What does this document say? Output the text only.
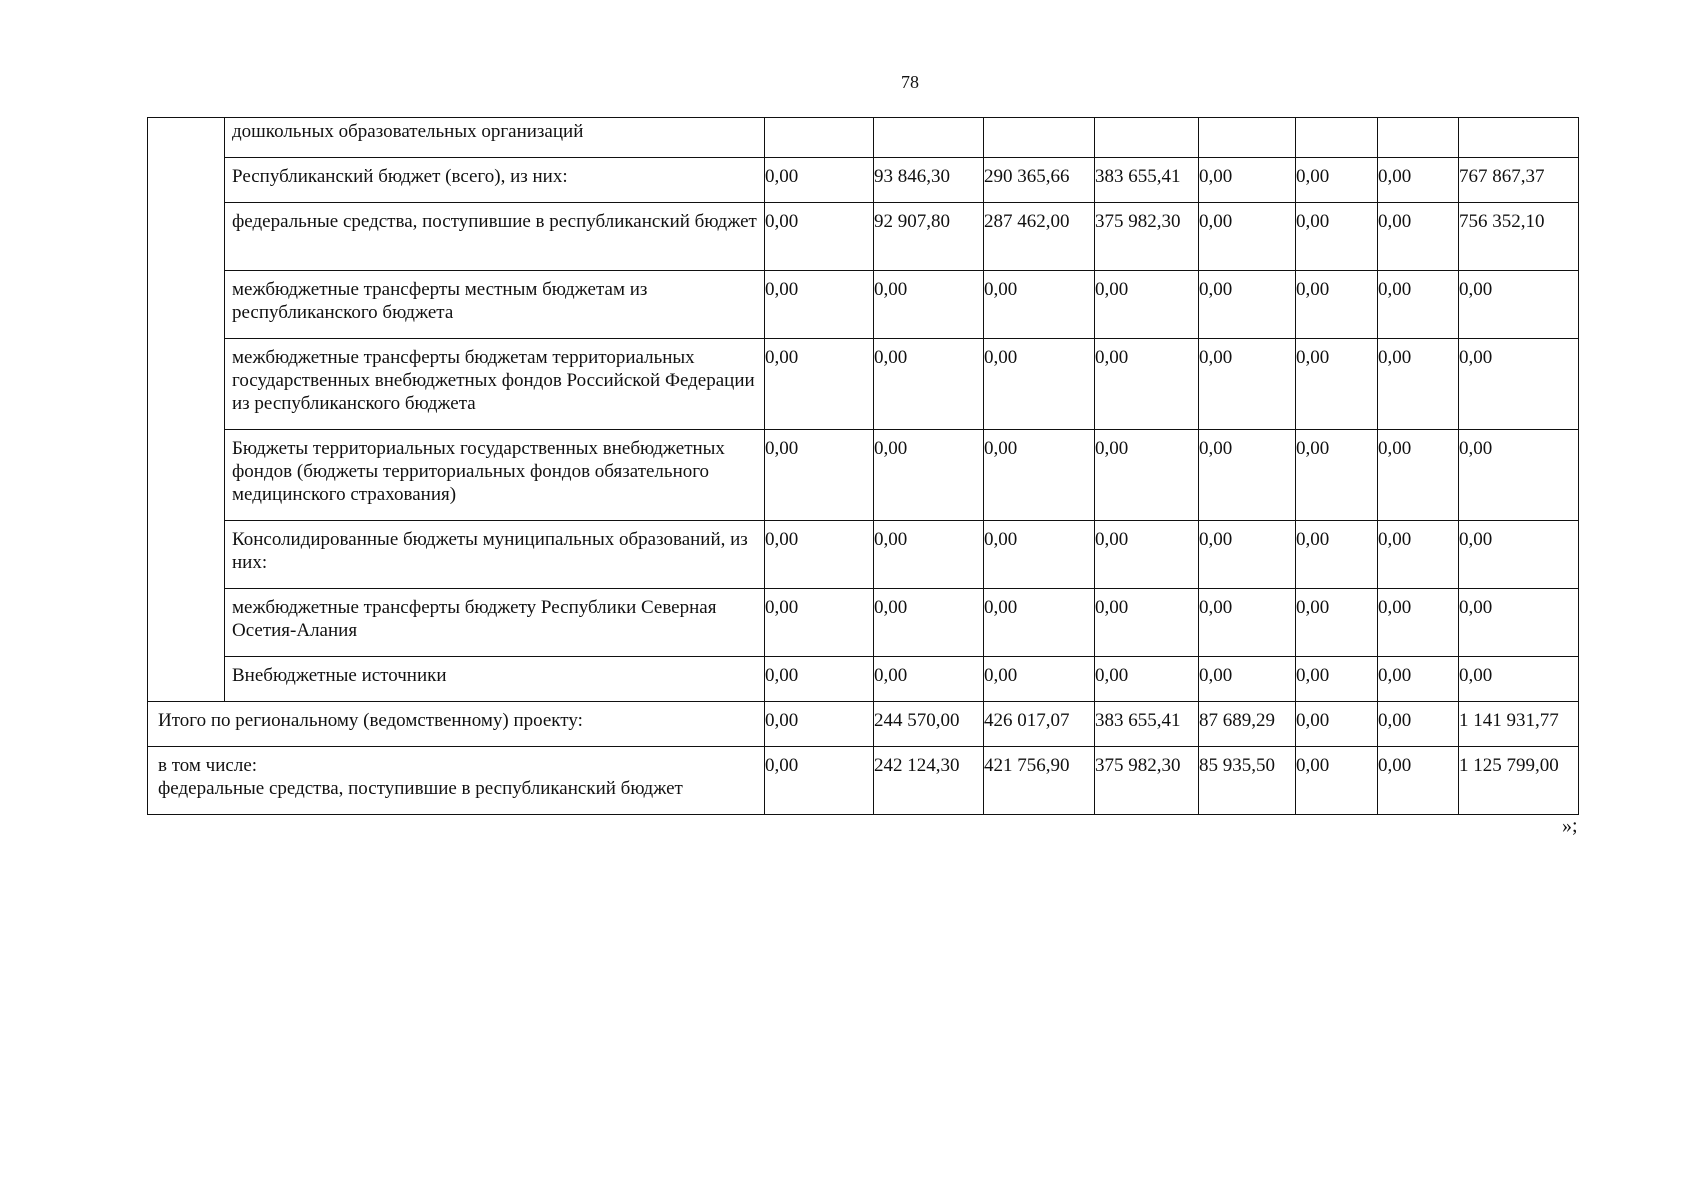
78
	дошкольных образовательных организаций								
	Республиканский бюджет (всего), из них:	0,00	93 846,30	290 365,66	383 655,41	0,00	0,00	0,00	767 867,37
	федеральные средства, поступившие в республиканский бюджет	0,00	92 907,80	287 462,00	375 982,30	0,00	0,00	0,00	756 352,10
	межбюджетные трансферты местным бюджетам из республиканского бюджета	0,00	0,00	0,00	0,00	0,00	0,00	0,00	0,00
	межбюджетные трансферты бюджетам территориальных государственных внебюджетных фондов Российской Федерации из республиканского бюджета	0,00	0,00	0,00	0,00	0,00	0,00	0,00	0,00
	Бюджеты территориальных государственных внебюджетных фондов (бюджеты территориальных фондов обязательного медицинского страхования)	0,00	0,00	0,00	0,00	0,00	0,00	0,00	0,00
	Консолидированные бюджеты муниципальных образований, из них:	0,00	0,00	0,00	0,00	0,00	0,00	0,00	0,00
	межбюджетные трансферты бюджету Республики Северная Осетия-Алания	0,00	0,00	0,00	0,00	0,00	0,00	0,00	0,00
	Внебюджетные источники	0,00	0,00	0,00	0,00	0,00	0,00	0,00	0,00
Итого по региональному (ведомственному) проекту:		0,00	244 570,00	426 017,07	383 655,41	87 689,29	0,00	0,00	1 141 931,77

в том числе:
федеральные средства, поступившие в республиканский бюджет		0,00	242 124,30	421 756,90	375 982,30	85 935,50	0,00	0,00	1 125 799,00
»;
